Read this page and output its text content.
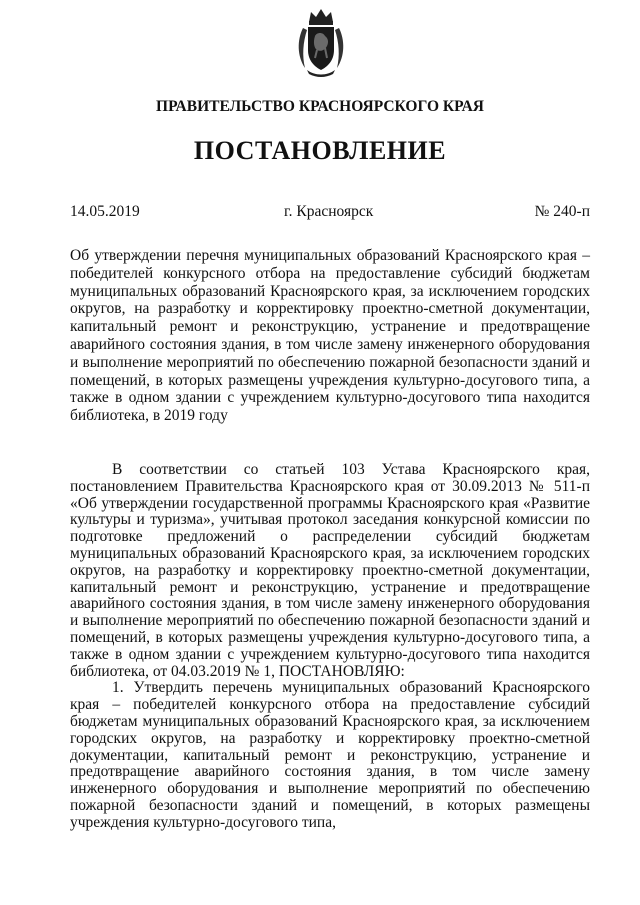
ПРАВИТЕЛЬСТВО КРАСНОЯРСКОГО КРАЯ
ПОСТАНОВЛЕНИЕ
14.05.2019	г. Красноярск	№ 240-п
Об утверждении перечня муниципальных образований Красноярского края – победителей конкурсного отбора на предоставление субсидий бюджетам муниципальных образований Красноярского края, за исключением городских округов, на разработку и корректировку проектно-сметной документации, капитальный ремонт и реконструкцию, устранение и предотвращение аварийного состояния здания, в том числе замену инженерного оборудования и выполнение мероприятий по обеспечению пожарной безопасности зданий и помещений, в которых размещены учреждения культурно-досугового типа, а также в одном здании с учреждением культурно-досугового типа находится библиотека, в 2019 году

В соответствии со статьей 103 Устава Красноярского края, постановлением Правительства Красноярского края от 30.09.2013 № 511-п «Об утверждении государственной программы Красноярского края «Развитие культуры и туризма», учитывая протокол заседания конкурсной комиссии по подготовке предложений о распределении субсидий бюджетам муниципальных образований Красноярского края, за исключением городских округов, на разработку и корректировку проектно-сметной документации, капитальный ремонт и реконструкцию, устранение и предотвращение аварийного состояния здания, в том числе замену инженерного оборудования и выполнение мероприятий по обеспечению пожарной безопасности зданий и помещений, в которых размещены учреждения культурно-досугового типа, а также в одном здании с учреждением культурно-досугового типа находится библиотека, от 04.03.2019 № 1, ПОСТАНОВЛЯЮ:

1. Утвердить перечень муниципальных образований Красноярского края – победителей конкурсного отбора на предоставление субсидий бюджетам муниципальных образований Красноярского края, за исключением городских округов, на разработку и корректировку проектно-сметной документации, капитальный ремонт и реконструкцию, устранение и предотвращение аварийного состояния здания, в том числе замену инженерного оборудования и выполнение мероприятий по обеспечению пожарной безопасности зданий и помещений, в которых размещены учреждения культурно-досугового типа,
